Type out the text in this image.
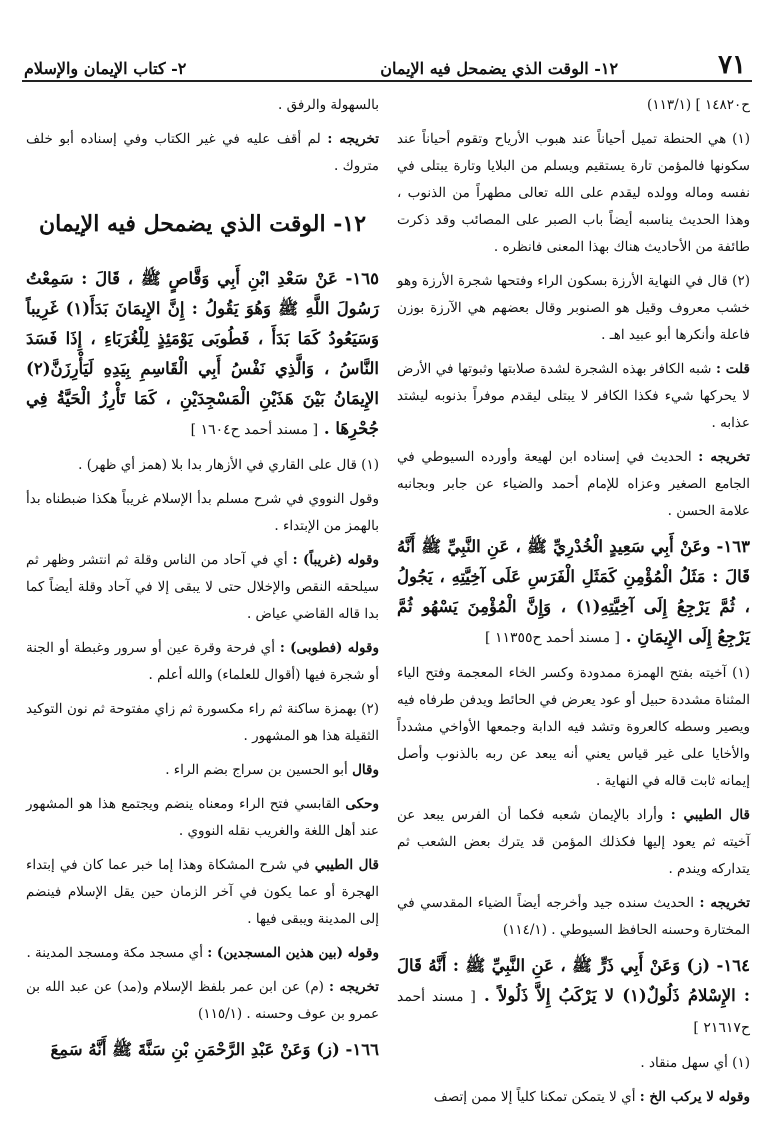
٧١
١٢- الوقت الذي يضمحل فيه الإيمان
٢- كتاب الإيمان والإسلام

ح١٤٨٢٠ ] (١١٣/١)

(١) هي الحنطة تميل أحياناً عند هبوب الأرياح وتقوم أحياناً عند سكونها فالمؤمن تارة يستقيم ويسلم من البلايا وتارة يبتلى في نفسه وماله وولده ليقدم على الله تعالى مطهراً من الذنوب ، وهذا الحديث يناسبه أيضاً باب الصبر على المصائب وقد ذكرت طائفة من الأحاديث هناك بهذا المعنى فانظره .

(٢) قال في النهاية الأرزة بسكون الراء وفتحها شجرة الأرزة وهو خشب معروف وقيل هو الصنوبر وقال بعضهم هي الآرزة بوزن فاعلة وأنكرها أبو عبيد اهـ .

قلت : شبه الكافر بهذه الشجرة لشدة صلابتها وثبوتها في الأرض لا يحركها شيء فكذا الكافر لا يبتلى ليقدم موفراً بذنوبه ليشتد عذابه .

تخريجه : الحديث في إسناده ابن لهيعة وأورده السيوطي في الجامع الصغير وعزاه للإمام أحمد والضياء عن جابر وبجانبه علامة الحسن .

١٦٣- وعَنْ أَبِي سَعِيدٍ الْخُدْرِيِّ ﷺ ، عَنِ النَّبِيِّ ﷺ أَنَّهُ قَالَ : مَثَلُ الْمُؤْمِنِ كَمَثَلِ الْفَرَسِ عَلَى آخِيَّتِهِ ، يَجُولُ ، ثُمَّ يَرْجِعُ إِلَى آخِيَّتِهِ(١) ، وَإِنَّ الْمُؤْمِنَ يَسْهُو ثُمَّ يَرْجِعُ إِلَى الإِيمَانِ . [ مسند أحمد ح١١٣٥٥ ]

(١) آخيته بفتح الهمزة ممدودة وكسر الخاء المعجمة وفتح الياء المثناة مشددة حبيل أو عود يعرض في الحائط ويدفن طرفاه فيه ويصير وسطه كالعروة وتشد فيه الدابة وجمعها الأواخي مشدداً والأخايا على غير قياس يعني أنه يبعد عن ربه بالذنوب وأصل إيمانه ثابت قاله في النهاية .

قال الطيبي : وأراد بالإيمان شعبه فكما أن الفرس يبعد عن آخيته ثم يعود إليها فكذلك المؤمن قد يترك بعض الشعب ثم يتداركه ويندم .

تخريجه : الحديث سنده جيد وأخرجه أيضاً الضياء المقدسي في المختارة وحسنه الحافظ السيوطي . (١١٤/١)

١٦٤- (ز) وَعَنْ أَبِي ذَرٍّ ﷺ ، عَنِ النَّبِيِّ ﷺ : أَنَّهُ قَالَ : الإِسْلامُ ذَلُولٌ(١) لا يَرْكَبُ إِلاَّ ذَلُولاً . [ مسند أحمد ح٢١٦١٧ ]

(١) أي سهل منقاد .

وقوله لا يركب الخ : أي لا يتمكن تمكنا كلياً إلا ممن إتصف

بالسهولة والرفق .

تخريجه : لم أقف عليه في غير الكتاب وفي إسناده أبو خلف متروك .

١٢- الوقت الذي يضمحل فيه الإيمان

١٦٥- عَنْ سَعْدِ ابْنِ أَبِي وَقَّاصٍ ﷺ ، قَالَ : سَمِعْتُ رَسُولَ اللَّهِ ﷺ وَهُوَ يَقُولُ : إِنَّ الإِيمَانَ بَدَأَ(١) غَرِيباً وَسَيَعُودُ كَمَا بَدَأَ ، فَطُوبَى يَوْمَئِذٍ لِلْغُرَبَاءِ ، إِذَا فَسَدَ النَّاسُ ، وَالَّذِي نَفْسُ أَبِي الْقَاسِمِ بِيَدِهِ لَيَأْرِزَنَّ(٢) الإِيمَانُ بَيْنَ هَذَيْنِ الْمَسْجِدَيْنِ ، كَمَا تَأْرِزُ الْحَيَّةُ فِي جُحْرِهَا . [ مسند أحمد ح١٦٠٤ ]

(١) قال على القاري في الأزهار بدا بلا (همز أي ظهر) .

وقول النووي في شرح مسلم بدأ الإسلام غريباً هكذا ضبطناه بدأ بالهمز من الإبتداء .

وقوله (غريباً) : أي في آحاد من الناس وقلة ثم انتشر وظهر ثم سيلحقه النقص والإخلال حتى لا يبقى إلا في آحاد وقلة أيضاً كما بدا قاله القاضي عياض .

وقوله (فطوبى) : أي فرحة وقرة عين أو سرور وغبطة أو الجنة أو شجرة فيها (أقوال للعلماء) والله أعلم .

(٢) بهمزة ساكنة ثم راء مكسورة ثم زاي مفتوحة ثم نون التوكيد الثقيلة هذا هو المشهور .

وقال أبو الحسين بن سراج بضم الراء .

وحكى القابسي فتح الراء ومعناه ينضم ويجتمع هذا هو المشهور عند أهل اللغة والغريب نقله النووي .

قال الطيبي في شرح المشكاة وهذا إما خبر عما كان في إبتداء الهجرة أو عما يكون في آخر الزمان حين يقل الإسلام فينضم إلى المدينة ويبقى فيها .

وقوله (بين هذين المسجدين) : أي مسجد مكة ومسجد المدينة .

تخريجه : (م) عن ابن عمر بلفظ الإسلام و(مد) عن عبد الله بن عمرو بن عوف وحسنه . (١١٥/١)

١٦٦- (ز) وَعَنْ عَبْدِ الرَّحْمَنِ بْنِ سَنَّةَ ﷺ أَنَّهُ سَمِعَ
